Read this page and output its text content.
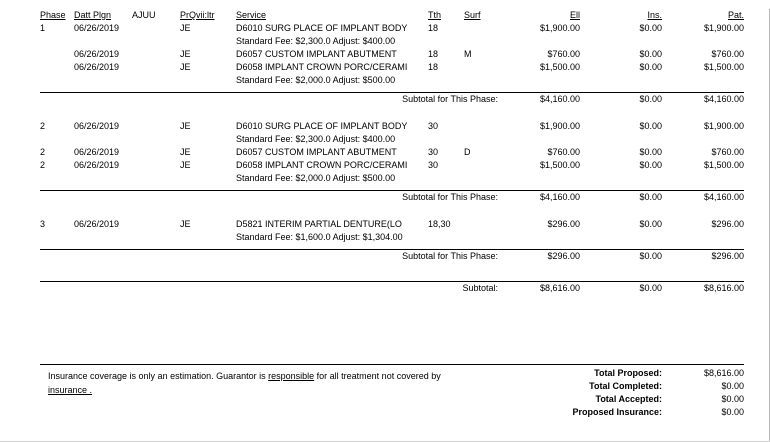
Phase	Datt Plgn	AJUU	PrQvii:ltr	Service	Tth	Surf	Ell	Ins.	Pat.
1	06/26/2019		JE	D6010 SURG PLACE OF IMPLANT BODY	18		$1,900.00	$0.00	$1,900.00
				Standard Fee: $2,300.0 Adjust: $400.00					
	06/26/2019		JE	D6057 CUSTOM IMPLANT ABUTMENT	18	M	$760.00	$0.00	$760.00
	06/26/2019		JE	D6058 IMPLANT CROWN PORC/CERAMI	18		$1,500.00	$0.00	$1,500.00
				Standard Fee: $2,000.0 Adjust: $500.00					

Subtotal for This Phase:							$4,160.00	$0.00	$4,160.00

2	06/26/2019		JE	D6010 SURG PLACE OF IMPLANT BODY	30		$1,900.00	$0.00	$1,900.00
				Standard Fee: $2,300.0 Adjust: $400.00					
2	06/26/2019		JE	D6057 CUSTOM IMPLANT ABUTMENT	30	D	$760.00	$0.00	$760.00
2	06/26/2019		JE	D6058 IMPLANT CROWN PORC/CERAMI	30		$1,500.00	$0.00	$1,500.00
				Standard Fee: $2,000.0 Adjust: $500.00					

Subtotal for This Phase:							$4,160.00	$0.00	$4,160.00

3	06/26/2019		JE	D5821 INTERIM PARTIAL DENTURE(LO	18,30		$296.00	$0.00	$296.00
				Standard Fee: $1,600.0 Adjust: $1,304.00					

Subtotal for This Phase:							$296.00	$0.00	$296.00

Subtotal:							$8,616.00	$0.00	$8,616.00
Insurance coverage is only an estimation. Guarantor is responsible for all treatment not covered by
insurance .
Total Proposed:	$8,616.00
Total Completed:	$0.00
Total Accepted:	$0.00
Proposed Insurance:	$0.00
